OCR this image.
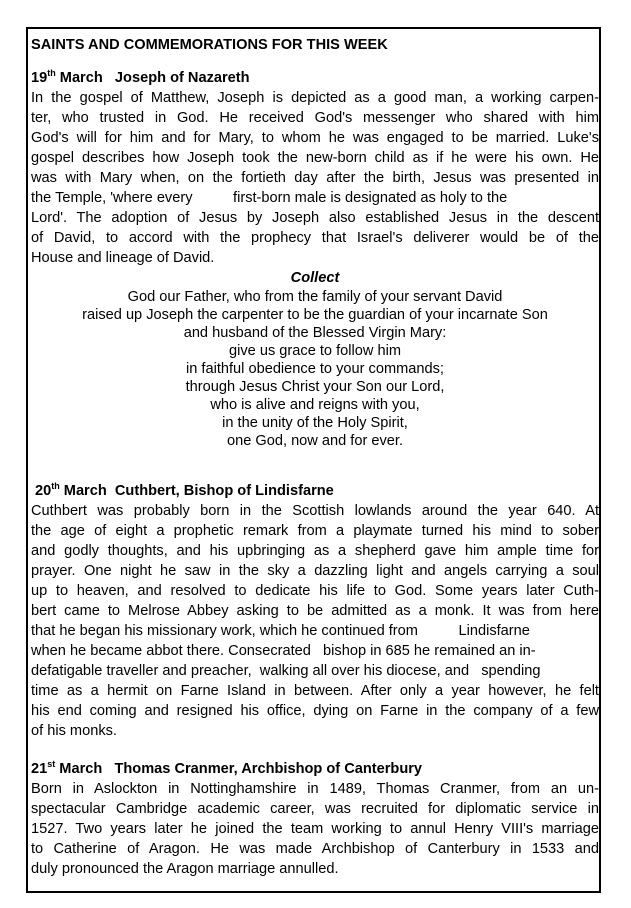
SAINTS AND COMMEMORATIONS FOR THIS WEEK

19th March   Joseph of Nazareth

In the gospel of Matthew, Joseph is depicted as a good man, a working carpen-
ter, who trusted in God. He received God's messenger who shared with him
God's will for him and for Mary, to whom he was engaged to be married. Luke's
gospel describes how Joseph took the new-born child as if he were his own. He
was with Mary when, on the fortieth day after the birth, Jesus was presented in
the Temple, 'where every          first-born male is designated as holy to the
Lord'. The adoption of Jesus by Joseph also established Jesus in the descent
of David, to accord with the prophecy that Israel's deliverer would be of the
House and lineage of David.

Collect

God our Father, who from the family of your servant David
raised up Joseph the carpenter to be the guardian of your incarnate Son
and husband of the Blessed Virgin Mary:
give us grace to follow him
in faithful obedience to your commands;
through Jesus Christ your Son our Lord,
who is alive and reigns with you,
in the unity of the Holy Spirit,
one God, now and for ever.

20th March  Cuthbert, Bishop of Lindisfarne

Cuthbert was probably born in the Scottish lowlands around the year 640. At
the age of eight a prophetic remark from a playmate turned his mind to sober
and godly thoughts, and his upbringing as a shepherd gave him ample time for
prayer. One night he saw in the sky a dazzling light and angels carrying a soul
up to heaven, and resolved to dedicate his life to God. Some years later Cuth-
bert came to Melrose Abbey asking to be admitted as a monk. It was from here
that he began his missionary work, which he continued from          Lindisfarne
when he became abbot there. Consecrated   bishop in 685 he remained an in-
defatigable traveller and preacher,  walking all over his diocese, and   spending
time as a hermit on Farne Island in between. After only a year however, he felt
his end coming and resigned his office, dying on Farne in the company of a few
of his monks.

21st March   Thomas Cranmer, Archbishop of Canterbury

Born in Aslockton in Nottinghamshire in 1489, Thomas Cranmer, from an un-
spectacular Cambridge academic career, was recruited for diplomatic service in
1527. Two years later he joined the team working to annul Henry VIII's marriage
to Catherine of Aragon. He was made Archbishop of Canterbury in 1533 and
duly pronounced the Aragon marriage annulled.
